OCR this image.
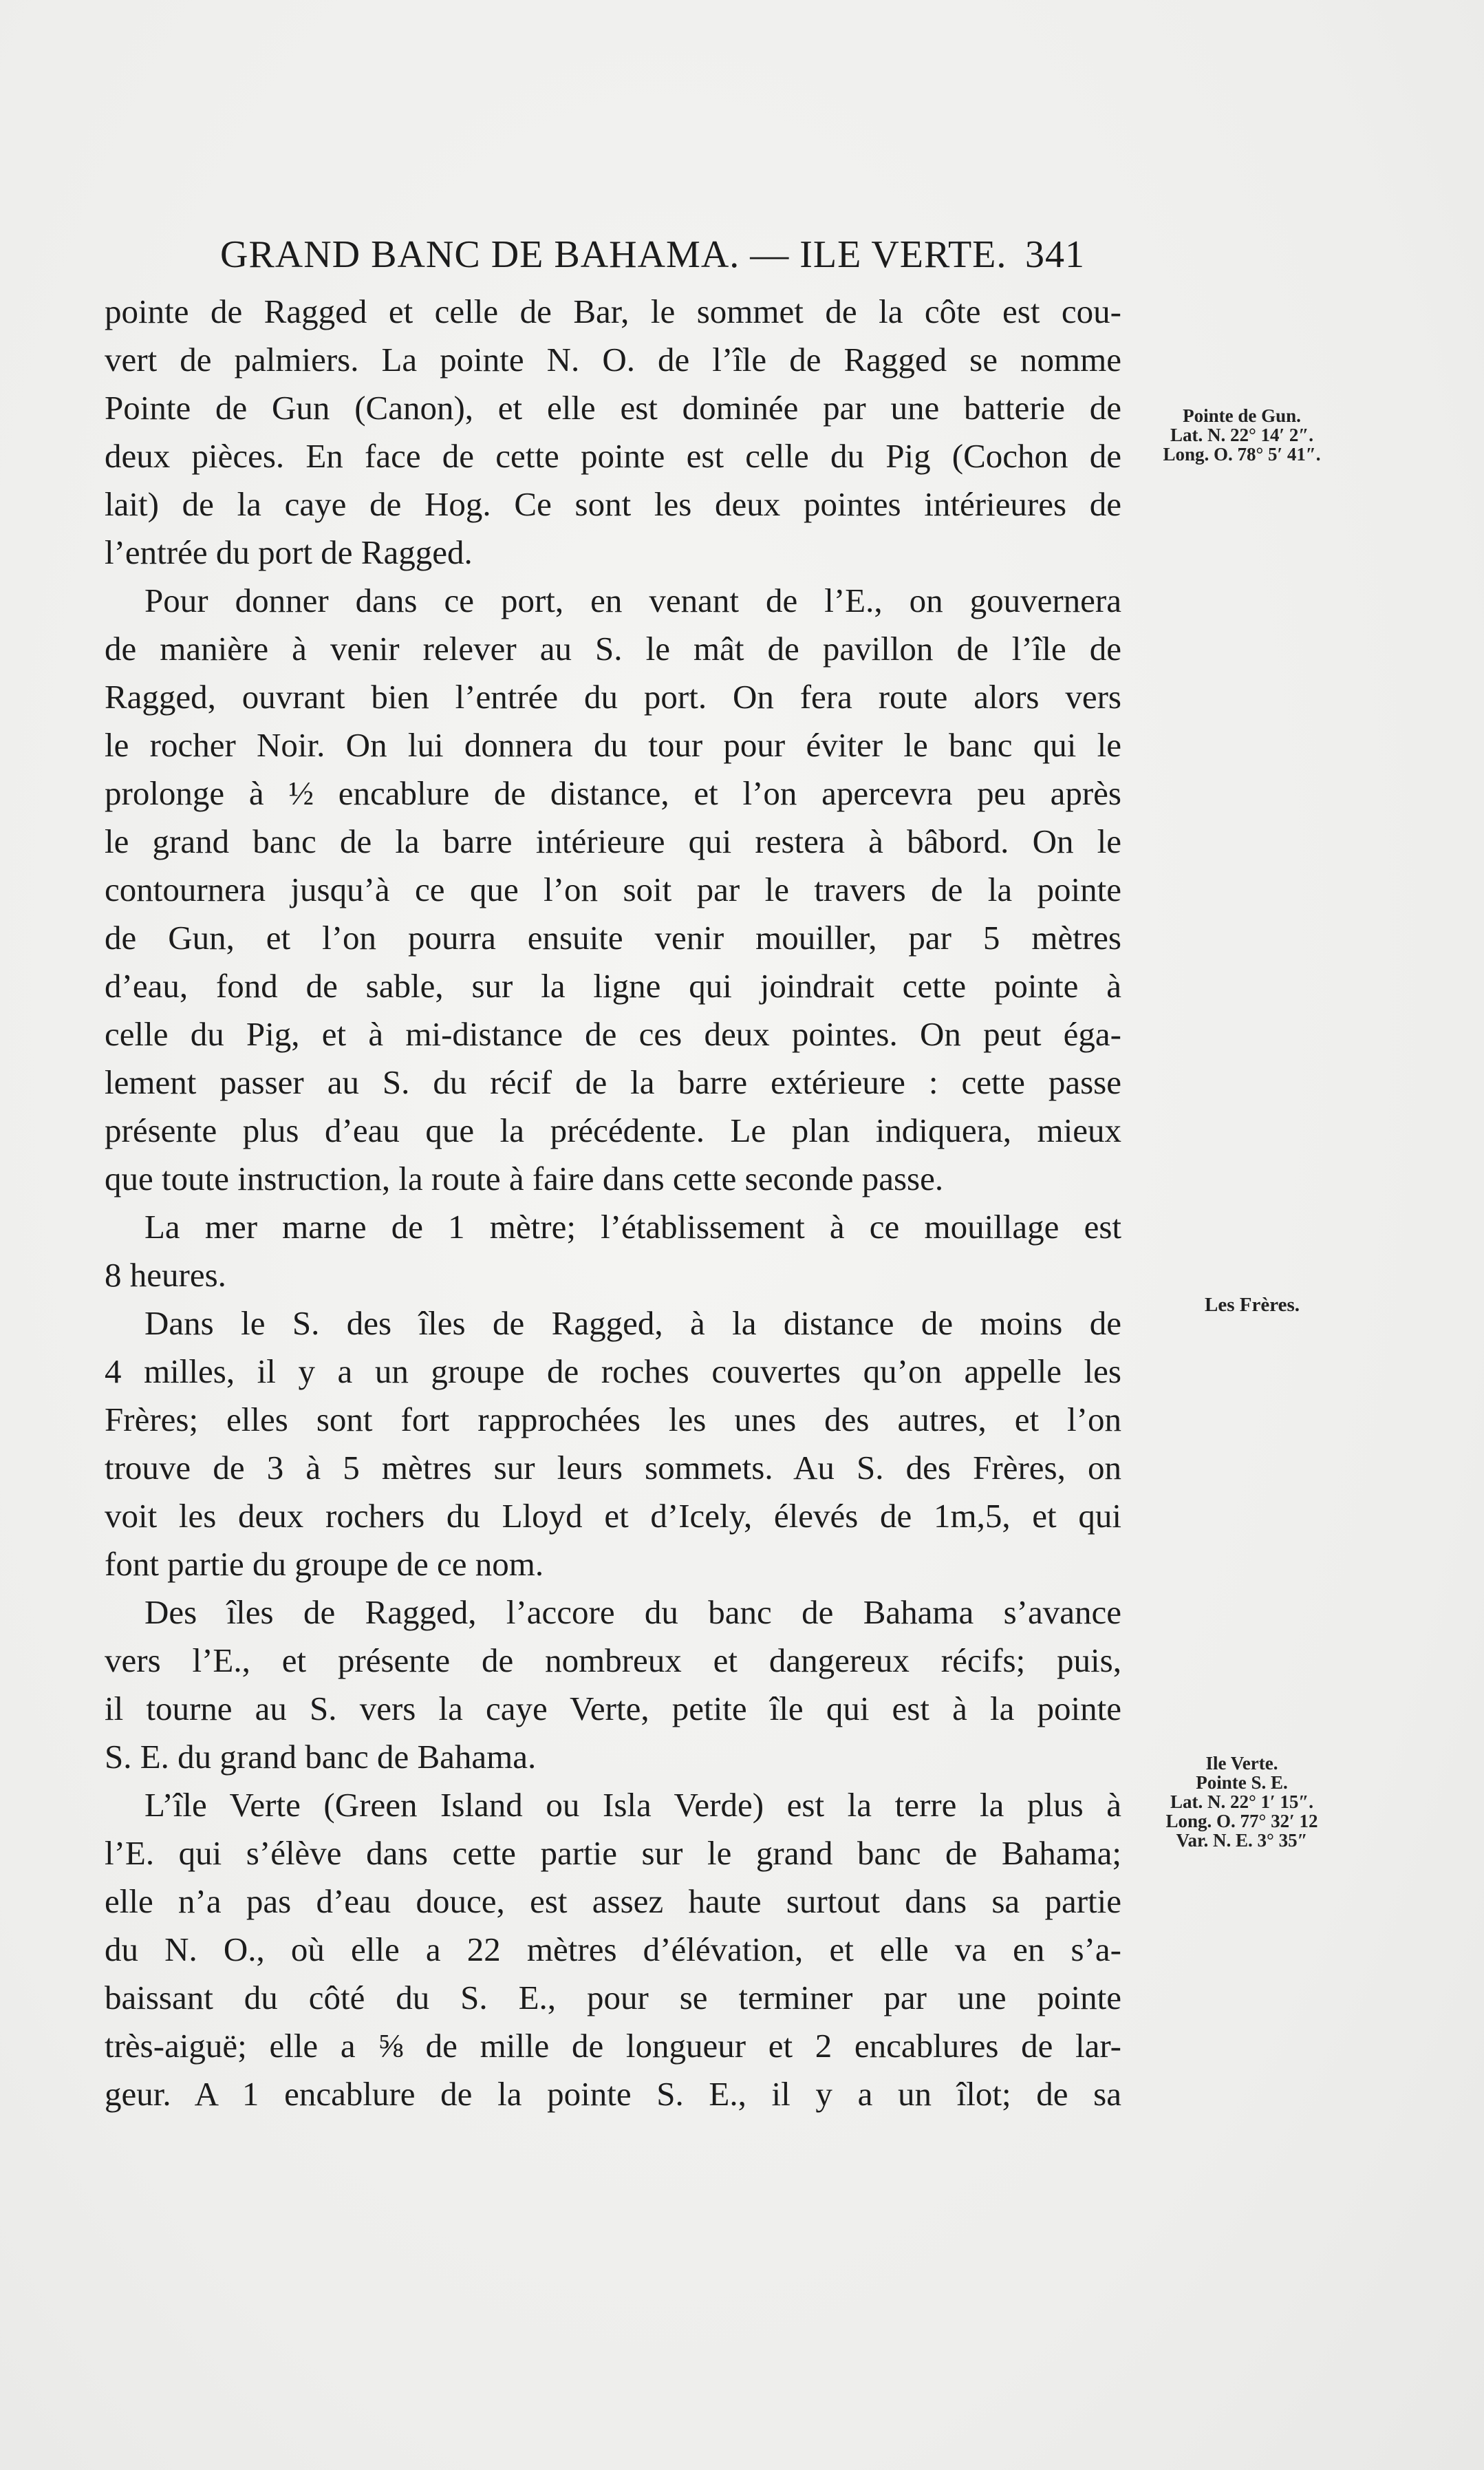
GRAND BANC DE BAHAMA. — ILE VERTE. 341
pointe de Ragged et celle de Bar, le sommet de la côte est cou-
vert de palmiers. La pointe N. O. de l’île de Ragged se nomme
Pointe de Gun (Canon), et elle est dominée par une batterie de
deux pièces. En face de cette pointe est celle du Pig (Cochon de
lait) de la caye de Hog. Ce sont les deux pointes intérieures de
l’entrée du port de Ragged.
Pour donner dans ce port, en venant de l’E., on gouvernera
de manière à venir relever au S. le mât de pavillon de l’île de
Ragged, ouvrant bien l’entrée du port. On fera route alors vers
le rocher Noir. On lui donnera du tour pour éviter le banc qui le
prolonge à ½ encablure de distance, et l’on apercevra peu après
le grand banc de la barre intérieure qui restera à bâbord. On le
contournera jusqu’à ce que l’on soit par le travers de la pointe
de Gun, et l’on pourra ensuite venir mouiller, par 5 mètres
d’eau, fond de sable, sur la ligne qui joindrait cette pointe à
celle du Pig, et à mi-distance de ces deux pointes. On peut éga-
lement passer au S. du récif de la barre extérieure : cette passe
présente plus d’eau que la précédente. Le plan indiquera, mieux
que toute instruction, la route à faire dans cette seconde passe.
La mer marne de 1 mètre; l’établissement à ce mouillage est
8 heures.
Dans le S. des îles de Ragged, à la distance de moins de
4 milles, il y a un groupe de roches couvertes qu’on appelle les
Frères; elles sont fort rapprochées les unes des autres, et l’on
trouve de 3 à 5 mètres sur leurs sommets. Au S. des Frères, on
voit les deux rochers du Lloyd et d’Icely, élevés de 1m,5, et qui
font partie du groupe de ce nom.
Des îles de Ragged, l’accore du banc de Bahama s’avance
vers l’E., et présente de nombreux et dangereux récifs; puis,
il tourne au S. vers la caye Verte, petite île qui est à la pointe
S. E. du grand banc de Bahama.
L’île Verte (Green Island ou Isla Verde) est la terre la plus à
l’E. qui s’élève dans cette partie sur le grand banc de Bahama;
elle n’a pas d’eau douce, est assez haute surtout dans sa partie
du N. O., où elle a 22 mètres d’élévation, et elle va en s’a-
baissant du côté du S. E., pour se terminer par une pointe
très-aiguë; elle a ⅝ de mille de longueur et 2 encablures de lar-
geur. A 1 encablure de la pointe S. E., il y a un îlot; de sa
Pointe de Gun.
Lat. N. 22° 14′ 2″.
Long. O. 78° 5′ 41″.
Les Frères.
Ile Verte.
Pointe S. E.
Lat. N. 22° 1′ 15″.
Long. O. 77° 32′ 12
Var. N. E. 3° 35″
